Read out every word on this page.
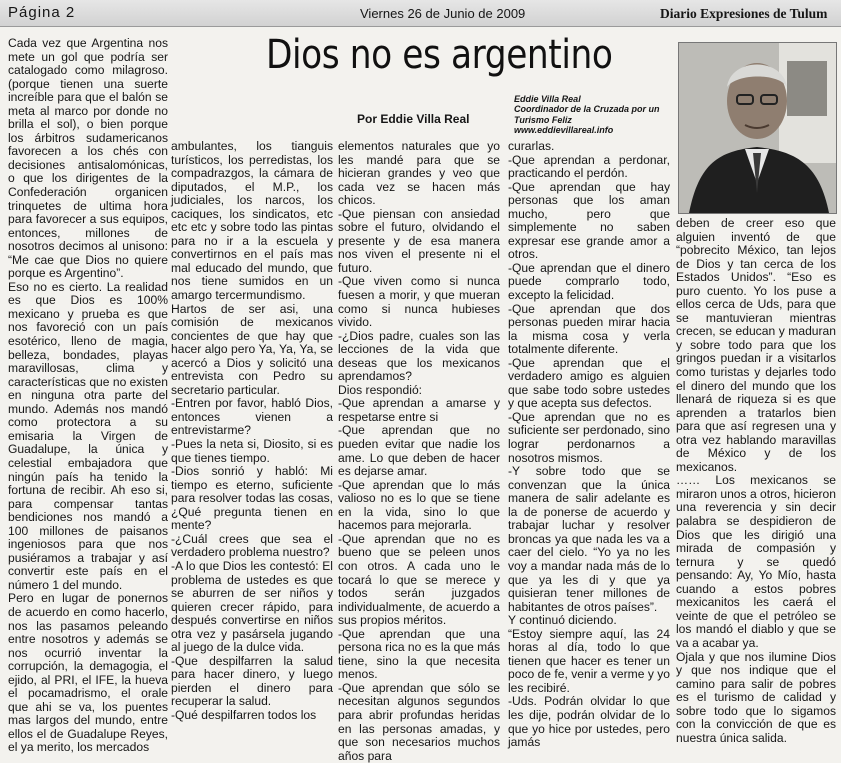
Página 2	Viernes 26 de Junio de 2009	Diario Expresiones de Tulum

Dios no es argentino
Por Eddie Villa Real
Eddie Villa Real
Coordinador de la Cruzada por un
Turismo Feliz
www.eddievillareal.info

Cada vez que Argentina nos mete un gol que podría ser catalogado como milagroso. (porque tienen una suerte increíble para que el balón se meta al marco por donde no brilla el sol), o bien porque los árbitros sudamericanos favorecen a los chés con decisiones antisalomónicas, o que los dirigentes de la Confederación organicen trinquetes de ultima hora para favorecer a sus equipos, entonces, millones de nosotros decimos al unisono: “Me cae que Dios no quiere porque es Argentino”.

Eso no es cierto. La realidad es que Dios es 100% mexicano y prueba es que nos favoreció con un país esotérico, lleno de magia, belleza, bondades, playas maravillosas, clima y características que no existen en ninguna otra parte del mundo. Además nos mandó como protectora a su emisaria la Virgen de Guadalupe, la única y celestial embajadora que ningún país ha tenido la fortuna de recibir. Ah eso si, para compensar tantas bendiciones nos mandó a 100 millones de paisanos ingeniosos para que nos pusiéramos a trabajar y así convertir este país en el número 1 del mundo.

Pero en lugar de ponernos de acuerdo en como hacerlo, nos las pasamos peleando entre nosotros y además se nos ocurrió inventar la corrupción, la demagogia, el ejido, al PRI, el IFE, la hueva el pocamadrismo, el orale que ahi se va, los puentes mas largos del mundo, entre ellos el de Guadalupe Reyes, el ya merito, los mercados

ambulantes, los tianguis turísticos, los perredistas, los compadrazgos, la cámara de diputados, el M.P., los judiciales, los narcos, los caciques, los sindicatos, etc etc etc y sobre todo las pintas para no ir a la escuela y convertirnos en el país mas mal educado del mundo, que nos tiene sumidos en un amargo tercermundismo.

Hartos de ser asi, una comisión de mexicanos concientes de que hay que hacer algo pero Ya, Ya, Ya, se acercó a Dios y solicitó una entrevista con Pedro su secretario particular.

-Entren por favor, habló Dios, entonces vienen a entrevistarme?

-Pues la neta si, Diosito, si es que tienes tiempo.

-Dios sonrió y habló: Mi tiempo es eterno, suficiente para resolver todas las cosas, ¿Qué pregunta tienen en mente?

-¿Cuál crees que sea el verdadero problema nuestro?

-A lo que Dios les contestó: El problema de ustedes es que se aburren de ser niños y quieren crecer rápido, para después convertirse en niños otra vez y pasársela jugando al juego de la dulce vida.

-Que despilfarren la salud para hacer dinero, y luego pierden el dinero para recuperar la salud.

-Qué despilfarren todos los

elementos naturales que yo les mandé para que se hicieran grandes y veo que cada vez se hacen más chicos.

-Que piensan con ansiedad sobre el futuro, olvidando el presente y de esa manera nos viven el presente ni el futuro.

-Que viven como si nunca fuesen a morir, y que mueran como si nunca hubieses vivido.

-¿Dios padre, cuales son las lecciones de la vida que deseas que los mexicanos aprendamos?

Dios respondió:

-Que aprendan a amarse y respetarse entre si

-Que aprendan que no pueden evitar que nadie los ame. Lo que deben de hacer es dejarse amar.

-Que aprendan que lo más valioso no es lo que se tiene en la vida, sino lo que hacemos para mejorarla.

-Que aprendan que no es bueno que se peleen unos con otros. A cada uno le tocará lo que se merece y todos serán juzgados individualmente, de acuerdo a sus propios méritos.

-Que aprendan que una persona rica no es la que más tiene, sino la que necesita menos.

-Que aprendan que sólo se necesitan algunos segundos para abrir profundas heridas en las personas amadas, y que son necesarios muchos años para

curarlas.

-Que aprendan a perdonar, practicando el perdón.

-Que aprendan que hay personas que los aman mucho, pero que simplemente no saben expresar ese grande amor a otros.

-Que aprendan que el dinero puede comprarlo todo, excepto la felicidad.

-Que aprendan que dos personas pueden mirar hacia la misma cosa y verla totalmente diferente.

-Que aprendan que el verdadero amigo es alguien que sabe todo sobre ustedes y que acepta sus defectos.

-Que aprendan que no es suficiente ser perdonado, sino lograr perdonarnos a nosotros mismos.

-Y sobre todo que se convenzan que la única manera de salir adelante es la de ponerse de acuerdo y trabajar luchar y resolver broncas ya que nada les va a caer del cielo. “Yo ya no les voy a mandar nada más de lo que ya les di y que ya quisieran tener millones de habitantes de otros países”.

Y continuó diciendo.

“Estoy siempre aquí, las 24 horas al día, todo lo que tienen que hacer es tener un poco de fe, venir a verme y yo les recibiré.

-Uds. Podrán olvidar lo que les dije, podrán olvidar de lo que yo hice por ustedes, pero jamás

deben de creer eso que alguien inventó de que “pobrecito México, tan lejos de Dios y tan cerca de los Estados Unidos”. “Eso es puro cuento. Yo los puse a ellos cerca de Uds, para que se mantuvieran mientras crecen, se educan y maduran y sobre todo para que los gringos puedan ir a visitarlos como turistas y dejarles todo el dinero del mundo que los llenará de riqueza si es que aprenden a tratarlos bien para que así regresen una y otra vez hablando maravillas de México y de los mexicanos.

…… Los mexicanos se miraron unos a otros, hicieron una reverencia y sin decir palabra se despidieron de Dios que les dirigió una mirada de compasión y ternura y se quedó pensando: Ay, Yo Mío, hasta cuando a estos pobres mexicanitos les caerá el veinte de que el petróleo se los mandó el diablo y que se va a acabar ya.

Ojala y que nos ilumine Dios y que nos indique que el camino para salir de pobres es el turismo de calidad y sobre todo que lo sigamos con la convicción de que es nuestra única salida.
